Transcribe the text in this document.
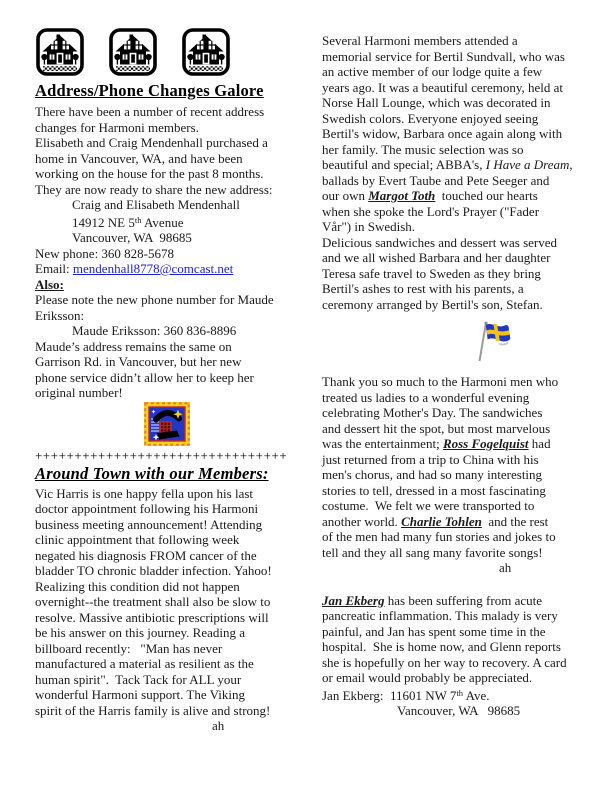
Address/Phone Changes Galore
There have been a number of recent address
changes for Harmoni members.
Elisabeth and Craig Mendenhall purchased a
home in Vancouver, WA, and have been
working on the house for the past 8 months.
They are now ready to share the new address:
Craig and Elisabeth Mendenhall
14912 NE 5th Avenue
Vancouver, WA  98685
New phone: 360 828-5678
Email: mendenhall8778@comcast.net
Also:
Please note the new phone number for Maude
Eriksson:
Maude Eriksson: 360 836-8896
Maude’s address remains the same on
Garrison Rd. in Vancouver, but her new
phone service didn’t allow her to keep her
original number!
++++++++++++++++++++++++++++++++
Around Town with our Members:
Vic Harris is one happy fella upon his last
doctor appointment following his Harmoni
business meeting announcement! Attending
clinic appointment that following week
negated his diagnosis FROM cancer of the
bladder TO chronic bladder infection. Yahoo!
Realizing this condition did not happen
overnight--the treatment shall also be slow to
resolve. Massive antibiotic prescriptions will
be his answer on this journey. Reading a
billboard recently:   "Man has never
manufactured a material as resilient as the
human spirit".  Tack Tack for ALL your
wonderful Harmoni support. The Viking
spirit of the Harris family is alive and strong!
ah
Several Harmoni members attended a
memorial service for Bertil Sundvall, who was
an active member of our lodge quite a few
years ago. It was a beautiful ceremony, held at
Norse Hall Lounge, which was decorated in
Swedish colors. Everyone enjoyed seeing
Bertil's widow, Barbara once again along with
her family. The music selection was so
beautiful and special; ABBA's, I Have a Dream,
ballads by Evert Taube and Pete Seeger and
our own Margot Toth  touched our hearts
when she spoke the Lord's Prayer ("Fader
Vår") in Swedish.
Delicious sandwiches and dessert was served
and we all wished Barbara and her daughter
Teresa safe travel to Sweden as they bring
Bertil's ashes to rest with his parents, a
ceremony arranged by Bertil's son, Stefan.
Thank you so much to the Harmoni men who
treated us ladies to a wonderful evening
celebrating Mother's Day. The sandwiches
and dessert hit the spot, but most marvelous
was the entertainment; Ross Fogelquist had
just returned from a trip to China with his
men's chorus, and had so many interesting
stories to tell, dressed in a most fascinating
costume.  We felt we were transported to
another world. Charlie Tohlen  and the rest
of the men had many fun stories and jokes to
tell and they all sang many favorite songs!
ah
Jan Ekberg has been suffering from acute
pancreatic inflammation. This malady is very
painful, and Jan has spent some time in the
hospital.  She is home now, and Glenn reports
she is hopefully on her way to recovery. A card
or email would probably be appreciated.
Jan Ekberg:  11601 NW 7th Ave.
Vancouver, WA   98685
